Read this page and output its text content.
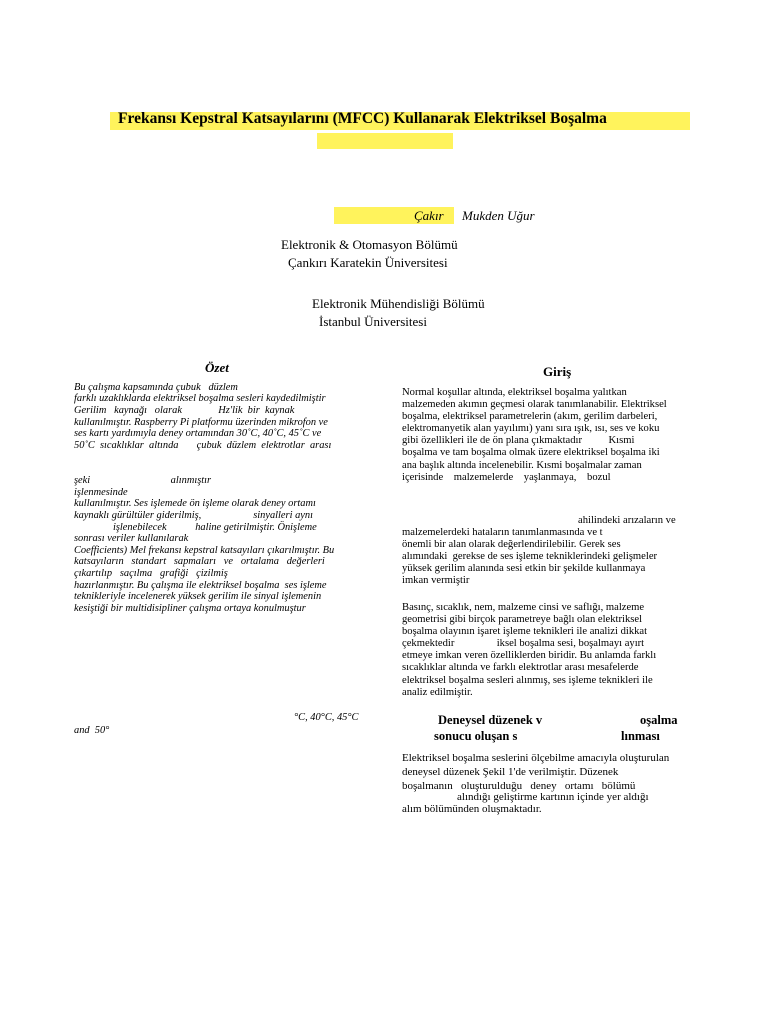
Frekansı Kepstral Katsayılarını (MFCC) Kullanarak Elektriksel Boşalma
Çakır Mukden Uğur
Elektronik & Otomasyon Bölümü
Çankırı Karatekin Üniversitesi
Elektronik Mühendisliği Bölümü
İstanbul Üniversitesi
Özet
Bu çalışma kapsamında çubuk   düzlem
farklı uzaklıklarda elektriksel boşalma sesleri kaydedilmiştir
Gerilim   kaynağı   olarak              Hz'lik  bir  kaynak
kullanılmıştır. Raspberry Pi platformu üzerinden mikrofon ve
ses kartı yardımıyla deney ortamından 30˚C, 40˚C, 45˚C ve
50˚C  sıcaklıklar  altında       çubuk  düzlem  elektrotlar  arası
şeki                               alınmıştır
işlenmesinde
kullanılmıştır. Ses işlemede ön işleme olarak deney ortamı
kaynaklı gürültüler giderilmiş,                    sinyalleri aynı
işlenebilecek           haline getirilmiştir. Önişleme
sonrası veriler kullanılarak
Coefficients) Mel frekansı kepstral katsayıları çıkarılmıştır. Bu
katsayıların   standart   sapmaları   ve   ortalama   değerleri
çıkartılıp   saçılma   grafiği   çizilmiş
hazırlanmıştır. Bu çalışma ile elektriksel boşalma  ses işleme
teknikleriyle incelenerek yüksek gerilim ile sinyal işlemenin
kesiştiği bir multidisipliner çalışma ortaya konulmuştur
°C, 40°C, 45°C
and  50°
Giriş
Normal koşullar altında, elektriksel boşalma yalıtkan
malzemeden akımın geçmesi olarak tanımlanabilir. Elektriksel
boşalma, elektriksel parametrelerin (akım, gerilim darbeleri,
elektromanyetik alan yayılımı) yanı sıra ışık, ısı, ses ve koku
gibi özellikleri ile de ön plana çıkmaktadır          Kısmi
boşalma ve tam boşalma olmak üzere elektriksel boşalma iki
ana başlık altında incelenebilir. Kısmi boşalmalar zaman
içerisinde    malzemelerde    yaşlanmaya,    bozul
ahilindeki arızaların ve
malzemelerdeki hataların tanımlanmasında ve t
önemli bir alan olarak değerlendirilebilir. Gerek ses
alımındaki  gerekse de ses işleme tekniklerindeki gelişmeler
yüksek gerilim alanında sesi etkin bir şekilde kullanmaya
imkan vermiştir
Basınç, sıcaklık, nem, malzeme cinsi ve saflığı, malzeme
geometrisi gibi birçok parametreye bağlı olan elektriksel
boşalma olayının işaret işleme teknikleri ile analizi dikkat
çekmektedir                iksel boşalma sesi, boşalmayı ayırt
etmeye imkan veren özelliklerden biridir. Bu anlamda farklı
sıcaklıklar altında ve farklı elektrotlar arası mesafelerde
elektriksel boşalma sesleri alınmış, ses işleme teknikleri ile
analiz edilmiştir.
Deneysel düzenek v	oşalma
sonucu oluşan s	lınması
Elektriksel boşalma seslerini ölçebilme amacıyla oluşturulan
deneysel düzenek Şekil 1'de verilmiştir. Düzenek
boşalmanın   oluşturulduğu   deney   ortamı   bölümü
alındığı geliştirme kartının içinde yer aldığı
alım bölümünden oluşmaktadır.
